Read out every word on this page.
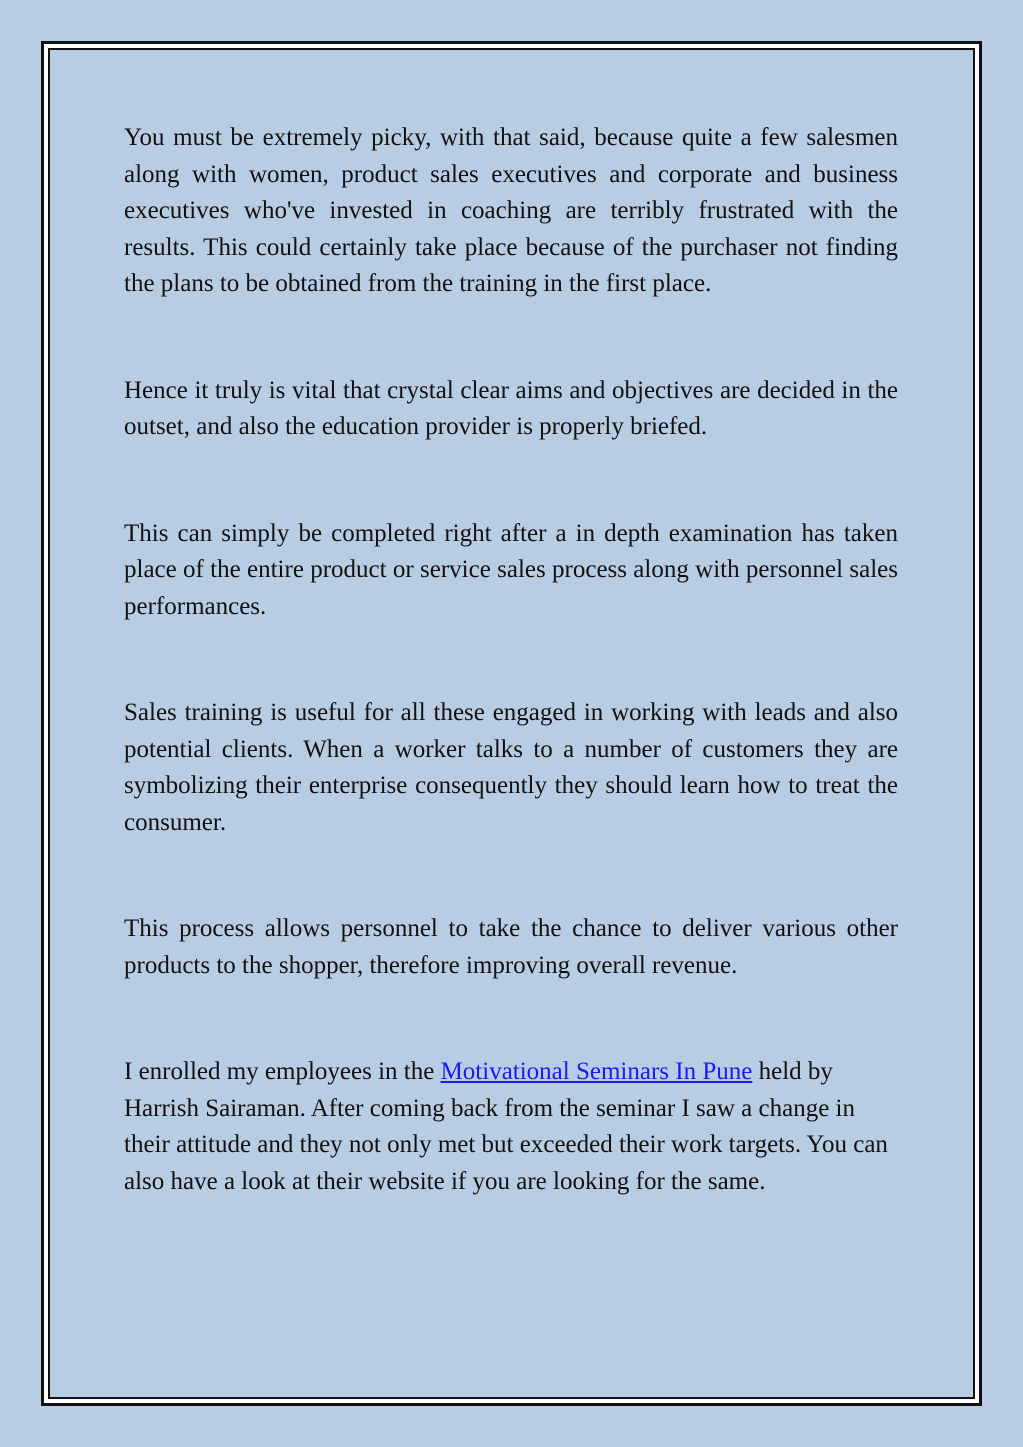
You must be extremely picky, with that said, because quite a few salesmen along with women, product sales executives and corporate and business executives who've invested in coaching are terribly frustrated with the results. This could certainly take place because of the purchaser not finding the plans to be obtained from the training in the first place.

Hence it truly is vital that crystal clear aims and objectives are decided in the outset, and also the education provider is properly briefed.

This can simply be completed right after a in depth examination has taken place of the entire product or service sales process along with personnel sales performances.

Sales training is useful for all these engaged in working with leads and also potential clients. When a worker talks to a number of customers they are symbolizing their enterprise consequently they should learn how to treat the consumer.

This process allows personnel to take the chance to deliver various other products to the shopper, therefore improving overall revenue.

I enrolled my employees in the Motivational Seminars In Pune held by Harrish Sairaman. After coming back from the seminar I saw a change in their attitude and they not only met but exceeded their work targets. You can also have a look at their website if you are looking for the same.
